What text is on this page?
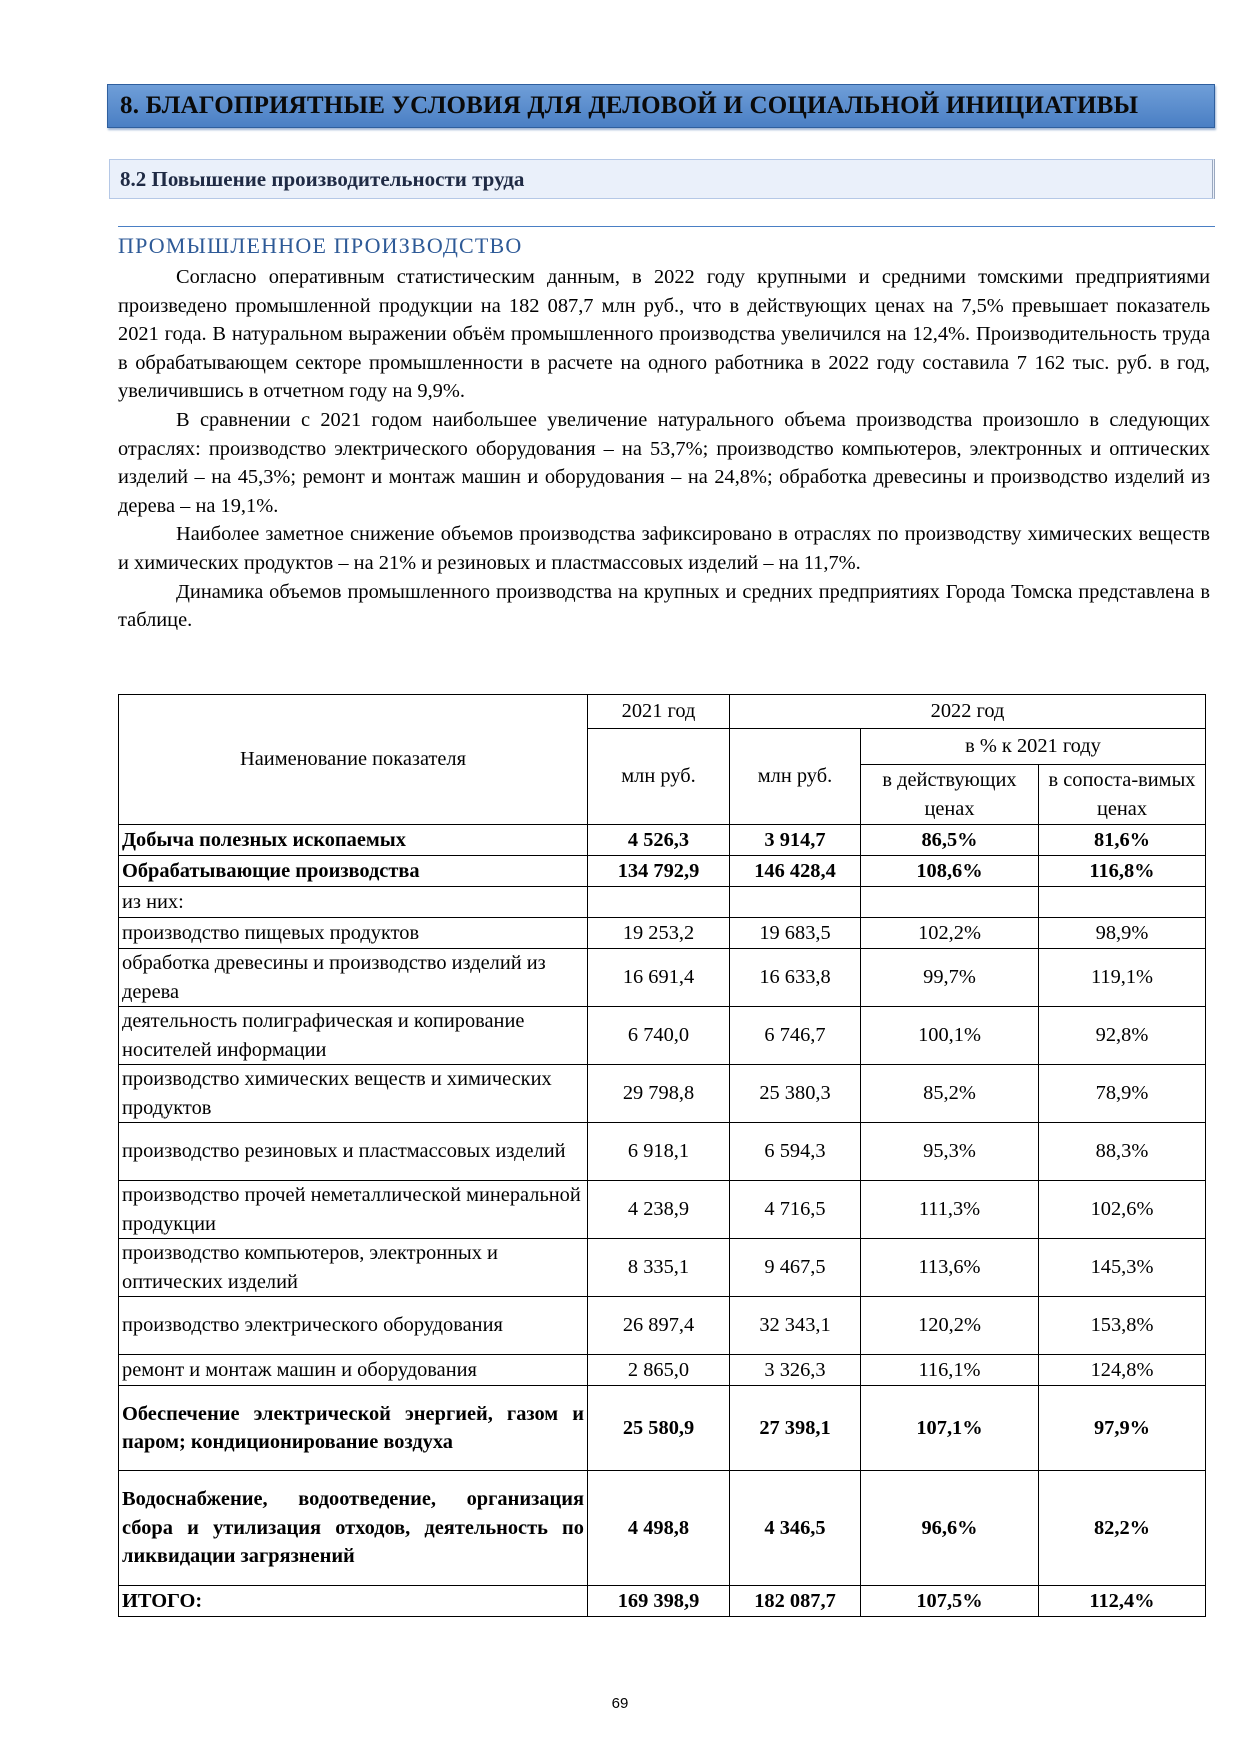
8. БЛАГОПРИЯТНЫЕ УСЛОВИЯ ДЛЯ ДЕЛОВОЙ И СОЦИАЛЬНОЙ ИНИЦИАТИВЫ
8.2 Повышение производительности труда
ПРОМЫШЛЕННОЕ ПРОИЗВОДСТВО

Согласно оперативным статистическим данным, в 2022 году крупными и средними томскими предприятиями произведено промышленной продукции на 182 087,7 млн руб., что в действующих ценах на 7,5% превышает показатель 2021 года. В натуральном выражении объём промышленного производства увеличился на 12,4%. Производительность труда в обрабатывающем секторе промышленности в расчете на одного работника в 2022 году составила 7 162 тыс. руб. в год, увеличившись в отчетном году на 9,9%.

В сравнении с 2021 годом наибольшее увеличение натурального объема производства произошло в следующих отраслях: производство электрического оборудования – на 53,7%; производство компьютеров, электронных и оптических изделий – на 45,3%; ремонт и монтаж машин и оборудования – на 24,8%; обработка древесины и производство изделий из дерева – на 19,1%.

Наиболее заметное снижение объемов производства зафиксировано в отраслях по производству химических веществ и химических продуктов – на 21% и резиновых и пластмассовых изделий – на 11,7%.

Динамика объемов промышленного производства на крупных и средних предприятиях Города Томска представлена в таблице.

Наименование показателя	2021 год	2022 год		
	млн руб.	млн руб.	в % к 2021 году	
			в действующих ценах	в сопоста-вимых ценах
Добыча полезных ископаемых	4 526,3	3 914,7	86,5%	81,6%
Обрабатывающие производства	134 792,9	146 428,4	108,6%	116,8%
из них:				
производство пищевых продуктов	19 253,2	19 683,5	102,2%	98,9%
обработка древесины и производство изделий из дерева	16 691,4	16 633,8	99,7%	119,1%
деятельность полиграфическая и копирование носителей информации	6 740,0	6 746,7	100,1%	92,8%
производство химических веществ и химических продуктов	29 798,8	25 380,3	85,2%	78,9%
производство резиновых и пластмассовых изделий	6 918,1	6 594,3	95,3%	88,3%
производство прочей неметаллической минеральной продукции	4 238,9	4 716,5	111,3%	102,6%
производство компьютеров, электронных и оптических изделий	8 335,1	9 467,5	113,6%	145,3%
производство электрического оборудования	26 897,4	32 343,1	120,2%	153,8%
ремонт и монтаж машин и оборудования	2 865,0	3 326,3	116,1%	124,8%
Обеспечение электрической энергией, газом и паром; кондиционирование воздуха	25 580,9	27 398,1	107,1%	97,9%
Водоснабжение, водоотведение, организация сбора и утилизация отходов, деятельность по ликвидации загрязнений	4 498,8	4 346,5	96,6%	82,2%
ИТОГО:	169 398,9	182 087,7	107,5%	112,4%
69
